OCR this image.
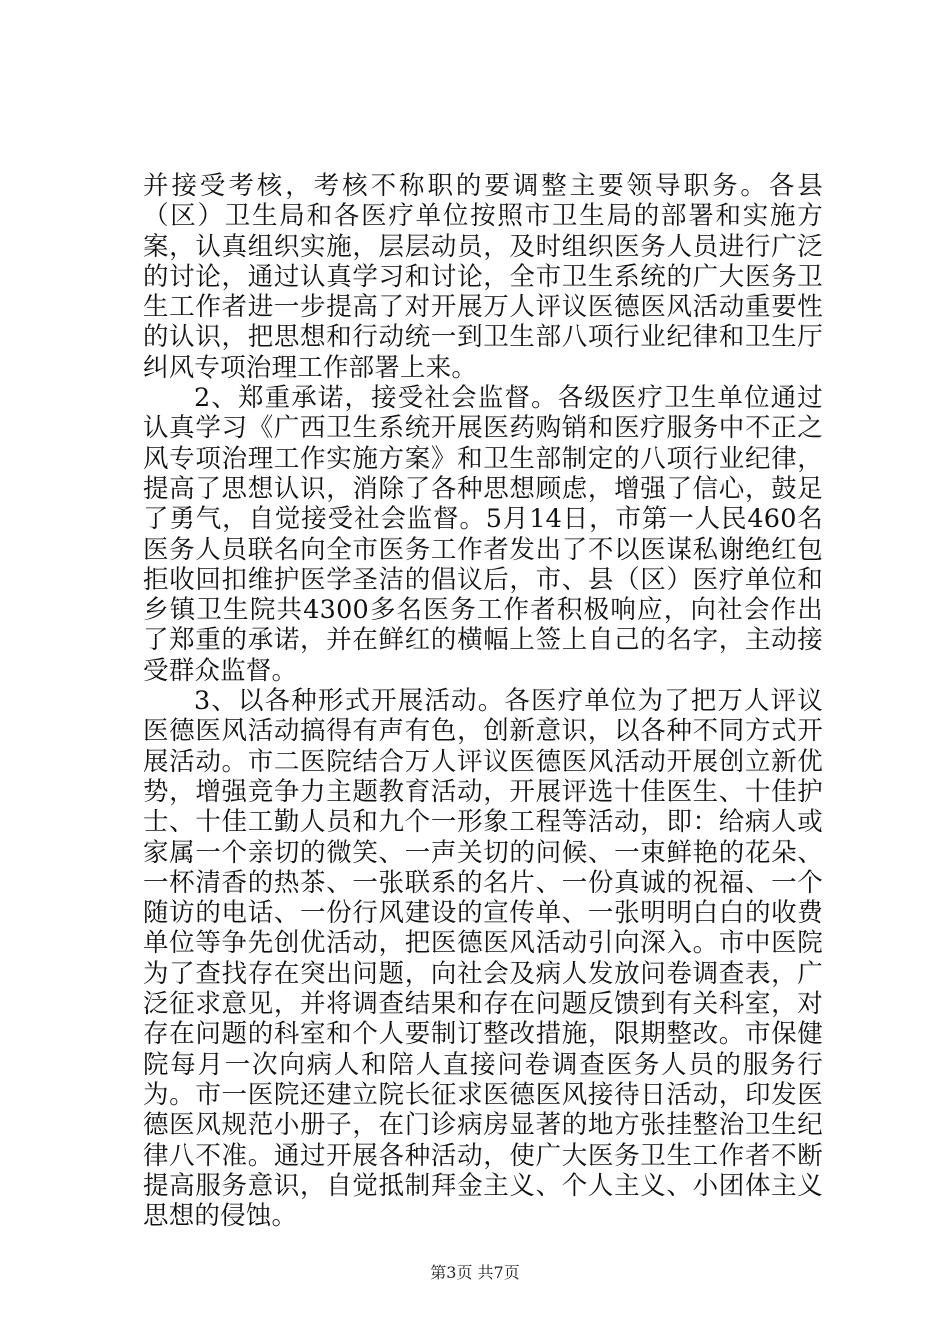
并接受考核，考核不称职的要调整主要领导职务。各县（区）卫生局和各医疗单位按照市卫生局的部署和实施方案，认真组织实施，层层动员，及时组织医务人员进行广泛的讨论，通过认真学习和讨论，全市卫生系统的广大医务卫生工作者进一步提高了对开展万人评议医德医风活动重要性的认识，把思想和行动统一到卫生部八项行业纪律和卫生厅纠风专项治理工作部署上来。

2、郑重承诺，接受社会监督。各级医疗卫生单位通过认真学习《广西卫生系统开展医药购销和医疗服务中不正之风专项治理工作实施方案》和卫生部制定的八项行业纪律，提高了思想认识，消除了各种思想顾虑，增强了信心，鼓足了勇气，自觉接受社会监督。5月14日，市第一人民460名医务人员联名向全市医务工作者发出了不以医谋私谢绝红包拒收回扣维护医学圣洁的倡议后，市、县（区）医疗单位和乡镇卫生院共4300多名医务工作者积极响应，向社会作出了郑重的承诺，并在鲜红的横幅上签上自己的名字，主动接受群众监督。

3、以各种形式开展活动。各医疗单位为了把万人评议医德医风活动搞得有声有色，创新意识，以各种不同方式开展活动。市二医院结合万人评议医德医风活动开展创立新优势，增强竞争力主题教育活动，开展评选十佳医生、十佳护士、十佳工勤人员和九个一形象工程等活动，即：给病人或家属一个亲切的微笑、一声关切的问候、一束鲜艳的花朵、一杯清香的热茶、一张联系的名片、一份真诚的祝福、一个随访的电话、一份行风建设的宣传单、一张明明白白的收费单位等争先创优活动，把医德医风活动引向深入。市中医院为了查找存在突出问题，向社会及病人发放问卷调查表，广泛征求意见，并将调查结果和存在问题反馈到有关科室，对存在问题的科室和个人要制订整改措施，限期整改。市保健院每月一次向病人和陪人直接问卷调查医务人员的服务行为。市一医院还建立院长征求医德医风接待日活动，印发医德医风规范小册子，在门诊病房显著的地方张挂整治卫生纪律八不准。通过开展各种活动，使广大医务卫生工作者不断提高服务意识，自觉抵制拜金主义、个人主义、小团体主义思想的侵蚀。

第3页 共7页
